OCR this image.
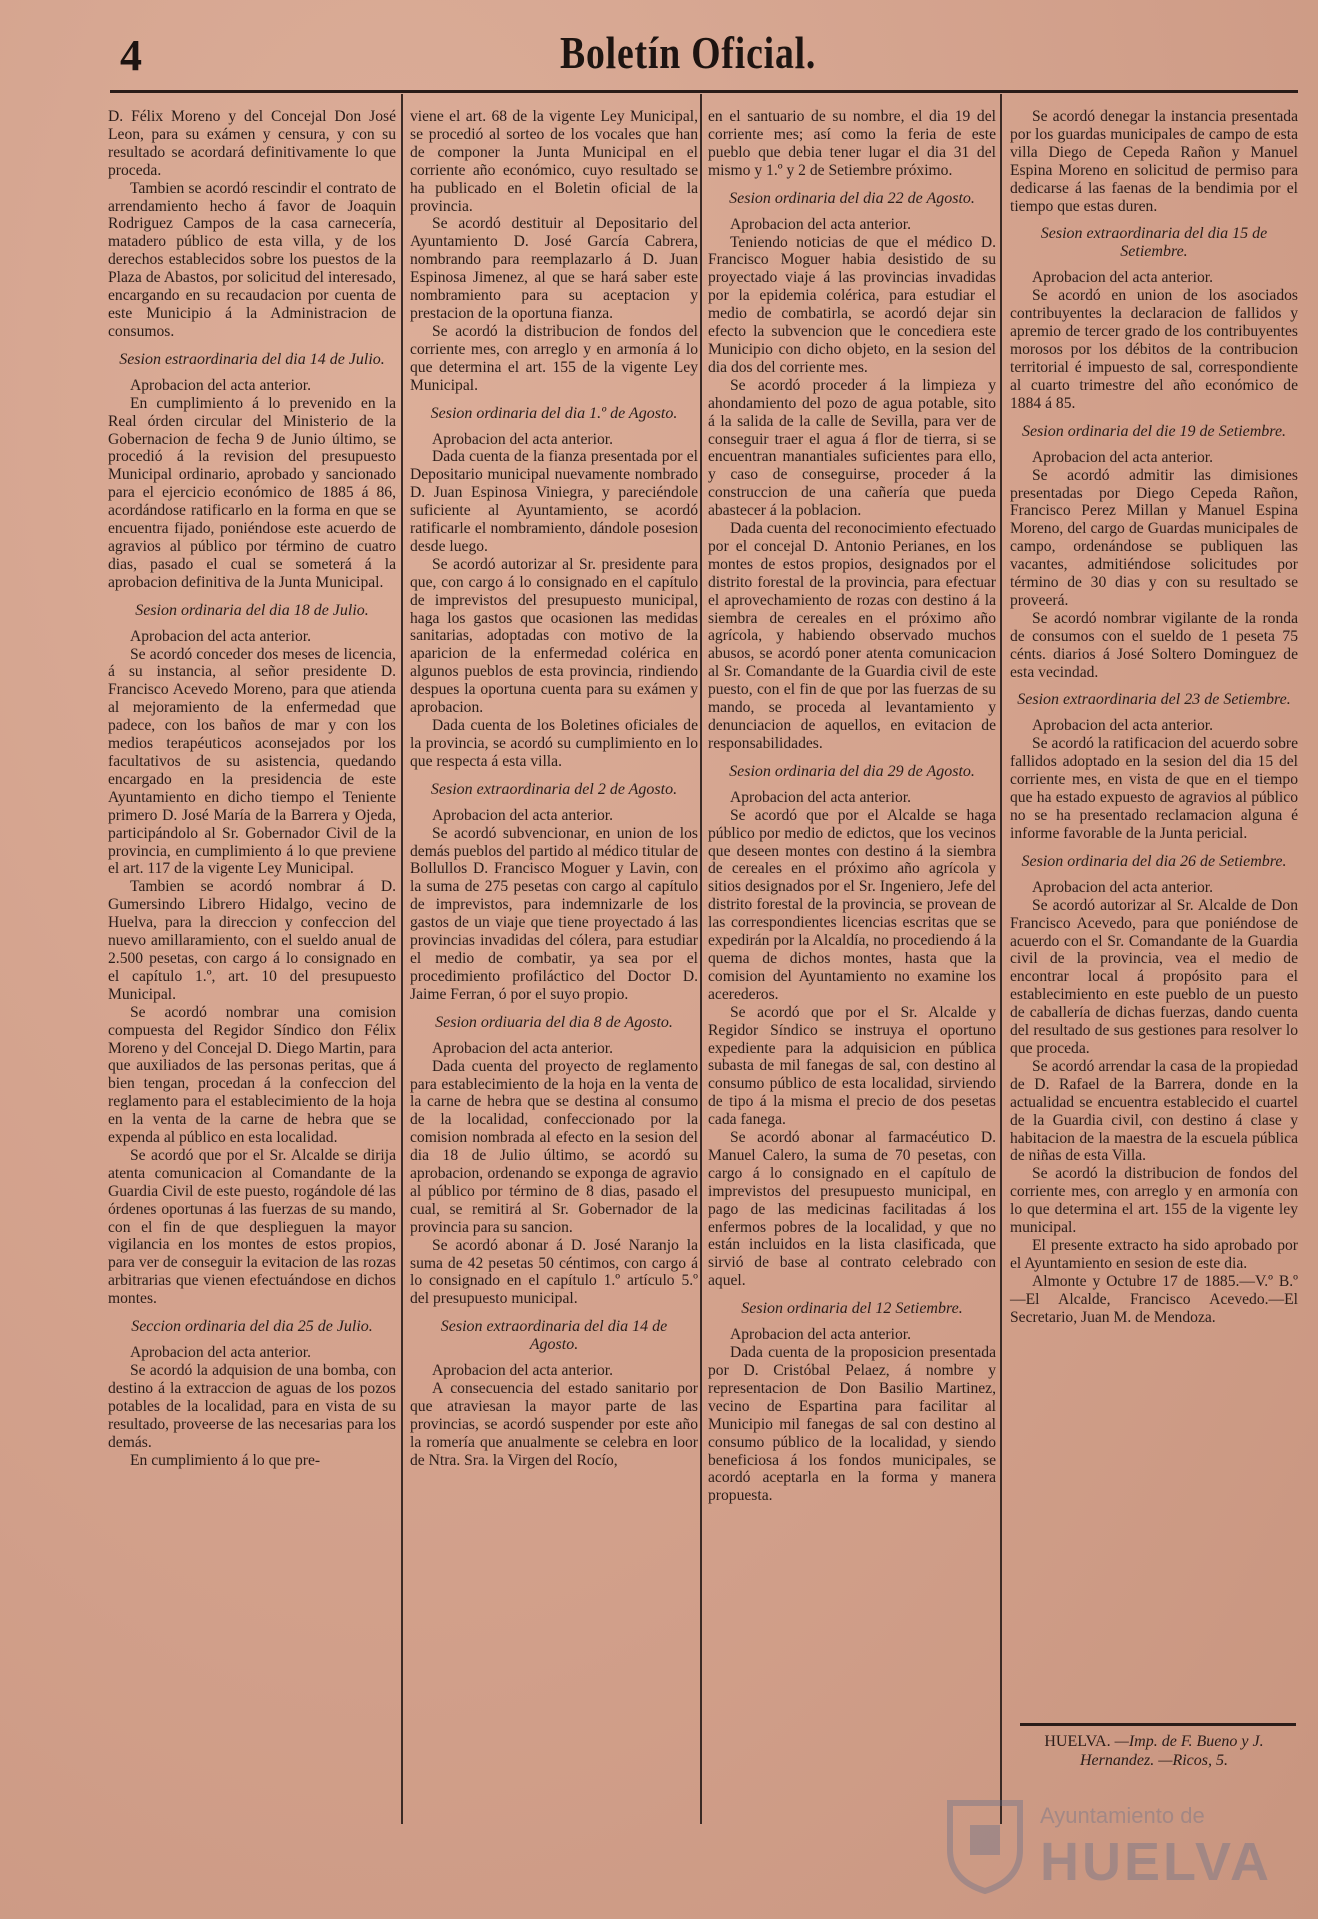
4	Boletín Oficial.

D. Félix Moreno y del Concejal Don José Leon, para su exámen y censura, y con su resultado se acordará definitivamente lo que proceda.

Tambien se acordó rescindir el contrato de arrendamiento hecho á favor de Joaquin Rodriguez Campos de la casa carnecería, matadero público de esta villa, y de los derechos establecidos sobre los puestos de la Plaza de Abastos, por solicitud del interesado, encargando en su recaudacion por cuenta de este Municipio á la Administracion de consumos.

Sesion estraordinaria del dia 14 de Julio.

Aprobacion del acta anterior.

En cumplimiento á lo prevenido en la Real órden circular del Ministerio de la Gobernacion de fecha 9 de Junio último, se procedió á la revision del presupuesto Municipal ordinario, aprobado y sancionado para el ejercicio económico de 1885 á 86, acordándose ratificarlo en la forma en que se encuentra fijado, poniéndose este acuerdo de agravios al público por término de cuatro dias, pasado el cual se someterá á la aprobacion definitiva de la Junta Municipal.

Sesion ordinaria del dia 18 de Julio.

Aprobacion del acta anterior.

Se acordó conceder dos meses de licencia, á su instancia, al señor presidente D. Francisco Acevedo Moreno, para que atienda al mejoramiento de la enfermedad que padece, con los baños de mar y con los medios terapéuticos aconsejados por los facultativos de su asistencia, quedando encargado en la presidencia de este Ayuntamiento en dicho tiempo el Teniente primero D. José María de la Barrera y Ojeda, participándolo al Sr. Gobernador Civil de la provincia, en cumplimiento á lo que previene el art. 117 de la vigente Ley Municipal.

Tambien se acordó nombrar á D. Gumersindo Librero Hidalgo, vecino de Huelva, para la direccion y confeccion del nuevo amillaramiento, con el sueldo anual de 2.500 pesetas, con cargo á lo consignado en el capítulo 1.º, art. 10 del presupuesto Municipal.

Se acordó nombrar una comision compuesta del Regidor Síndico don Félix Moreno y del Concejal D. Diego Martin, para que auxiliados de las personas peritas, que á bien tengan, procedan á la confeccion del reglamento para el establecimiento de la hoja en la venta de la carne de hebra que se expenda al público en esta localidad.

Se acordó que por el Sr. Alcalde se dirija atenta comunicacion al Comandante de la Guardia Civil de este puesto, rogándole dé las órdenes oportunas á las fuerzas de su mando, con el fin de que desplieguen la mayor vigilancia en los montes de estos propios, para ver de conseguir la evitacion de las rozas arbitrarias que vienen efectuándose en dichos montes.

Seccion ordinaria del dia 25 de Julio.

Aprobacion del acta anterior.

Se acordó la adquision de una bomba, con destino á la extraccion de aguas de los pozos potables de la localidad, para en vista de su resultado, proveerse de las necesarias para los demás.

En cumplimiento á lo que pre-

viene el art. 68 de la vigente Ley Municipal, se procedió al sorteo de los vocales que han de componer la Junta Municipal en el corriente año económico, cuyo resultado se ha publicado en el Boletin oficial de la provincia.

Se acordó destituir al Depositario del Ayuntamiento D. José García Cabrera, nombrando para reemplazarlo á D. Juan Espinosa Jimenez, al que se hará saber este nombramiento para su aceptacion y prestacion de la oportuna fianza.

Se acordó la distribucion de fondos del corriente mes, con arreglo y en armonía á lo que determina el art. 155 de la vigente Ley Municipal.

Sesion ordinaria del dia 1.º de Agosto.

Aprobacion del acta anterior.

Dada cuenta de la fianza presentada por el Depositario municipal nuevamente nombrado D. Juan Espinosa Viniegra, y pareciéndole suficiente al Ayuntamiento, se acordó ratificarle el nombramiento, dándole posesion desde luego.

Se acordó autorizar al Sr. presidente para que, con cargo á lo consignado en el capítulo de imprevistos del presupuesto municipal, haga los gastos que ocasionen las medidas sanitarias, adoptadas con motivo de la aparicion de la enfermedad colérica en algunos pueblos de esta provincia, rindiendo despues la oportuna cuenta para su exámen y aprobacion.

Dada cuenta de los Boletines oficiales de la provincia, se acordó su cumplimiento en lo que respecta á esta villa.

Sesion extraordinaria del 2 de Agosto.

Aprobacion del acta anterior.

Se acordó subvencionar, en union de los demás pueblos del partido al médico titular de Bollullos D. Francisco Moguer y Lavin, con la suma de 275 pesetas con cargo al capítulo de imprevistos, para indemnizarle de los gastos de un viaje que tiene proyectado á las provincias invadidas del cólera, para estudiar el medio de combatir, ya sea por el procedimiento profiláctico del Doctor D. Jaime Ferran, ó por el suyo propio.

Sesion ordiuaria del dia 8 de Agosto.

Aprobacion del acta anterior.

Dada cuenta del proyecto de reglamento para establecimiento de la hoja en la venta de la carne de hebra que se destina al consumo de la localidad, confeccionado por la comision nombrada al efecto en la sesion del dia 18 de Julio último, se acordó su aprobacion, ordenando se exponga de agravio al público por término de 8 dias, pasado el cual, se remitirá al Sr. Gobernador de la provincia para su sancion.

Se acordó abonar á D. José Naranjo la suma de 42 pesetas 50 céntimos, con cargo á lo consignado en el capítulo 1.º artículo 5.º del presupuesto municipal.

Sesion extraordinaria del dia 14 de Agosto.

Aprobacion del acta anterior.

A consecuencia del estado sanitario por que atraviesan la mayor parte de las provincias, se acordó suspender por este año la romería que anualmente se celebra en loor de Ntra. Sra. la Virgen del Rocío,

en el santuario de su nombre, el dia 19 del corriente mes; así como la feria de este pueblo que debia tener lugar el dia 31 del mismo y 1.º y 2 de Setiembre próximo.

Sesion ordinaria del dia 22 de Agosto.

Aprobacion del acta anterior.

Teniendo noticias de que el médico D. Francisco Moguer habia desistido de su proyectado viaje á las provincias invadidas por la epidemia colérica, para estudiar el medio de combatirla, se acordó dejar sin efecto la subvencion que le concediera este Municipio con dicho objeto, en la sesion del dia dos del corriente mes.

Se acordó proceder á la limpieza y ahondamiento del pozo de agua potable, sito á la salida de la calle de Sevilla, para ver de conseguir traer el agua á flor de tierra, si se encuentran manantiales suficientes para ello, y caso de conseguirse, proceder á la construccion de una cañería que pueda abastecer á la poblacion.

Dada cuenta del reconocimiento efectuado por el concejal D. Antonio Perianes, en los montes de estos propios, designados por el distrito forestal de la provincia, para efectuar el aprovechamiento de rozas con destino á la siembra de cereales en el próximo año agrícola, y habiendo observado muchos abusos, se acordó poner atenta comunicacion al Sr. Comandante de la Guardia civil de este puesto, con el fin de que por las fuerzas de su mando, se proceda al levantamiento y denunciacion de aquellos, en evitacion de responsabilidades.

Sesion ordinaria del dia 29 de Agosto.

Aprobacion del acta anterior.

Se acordó que por el Alcalde se haga público por medio de edictos, que los vecinos que deseen montes con destino á la siembra de cereales en el próximo año agrícola y sitios designados por el Sr. Ingeniero, Jefe del distrito forestal de la provincia, se provean de las correspondientes licencias escritas que se expedirán por la Alcaldía, no procediendo á la quema de dichos montes, hasta que la comision del Ayuntamiento no examine los acerederos.

Se acordó que por el Sr. Alcalde y Regidor Síndico se instruya el oportuno expediente para la adquisicion en pública subasta de mil fanegas de sal, con destino al consumo público de esta localidad, sirviendo de tipo á la misma el precio de dos pesetas cada fanega.

Se acordó abonar al farmacéutico D. Manuel Calero, la suma de 70 pesetas, con cargo á lo consignado en el capítulo de imprevistos del presupuesto municipal, en pago de las medicinas facilitadas á los enfermos pobres de la localidad, y que no están incluidos en la lista clasificada, que sirvió de base al contrato celebrado con aquel.

Sesion ordinaria del 12 Setiembre.

Aprobacion del acta anterior.

Dada cuenta de la proposicion presentada por D. Cristóbal Pelaez, á nombre y representacion de Don Basilio Martinez, vecino de Espartina para facilitar al Municipio mil fanegas de sal con destino al consumo público de la localidad, y siendo beneficiosa á los fondos municipales, se acordó aceptarla en la forma y manera propuesta.

Se acordó denegar la instancia presentada por los guardas municipales de campo de esta villa Diego de Cepeda Rañon y Manuel Espina Moreno en solicitud de permiso para dedicarse á las faenas de la bendimia por el tiempo que estas duren.

Sesion extraordinaria del dia 15 de Setiembre.

Aprobacion del acta anterior.

Se acordó en union de los asociados contribuyentes la declaracion de fallidos y apremio de tercer grado de los contribuyentes morosos por los débitos de la contribucion territorial é impuesto de sal, correspondiente al cuarto trimestre del año económico de 1884 á 85.

Sesion ordinaria del die 19 de Setiembre.

Aprobacion del acta anterior.

Se acordó admitir las dimisiones presentadas por Diego Cepeda Rañon, Francisco Perez Millan y Manuel Espina Moreno, del cargo de Guardas municipales de campo, ordenándose se publiquen las vacantes, admitiéndose solicitudes por término de 30 dias y con su resultado se proveerá.

Se acordó nombrar vigilante de la ronda de consumos con el sueldo de 1 peseta 75 cénts. diarios á José Soltero Dominguez de esta vecindad.

Sesion extraordinaria del 23 de Setiembre.

Aprobacion del acta anterior.

Se acordó la ratificacion del acuerdo sobre fallidos adoptado en la sesion del dia 15 del corriente mes, en vista de que en el tiempo que ha estado expuesto de agravios al público no se ha presentado reclamacion alguna é informe favorable de la Junta pericial.

Sesion ordinaria del dia 26 de Setiembre.

Aprobacion del acta anterior.

Se acordó autorizar al Sr. Alcalde de Don Francisco Acevedo, para que poniéndose de acuerdo con el Sr. Comandante de la Guardia civil de la provincia, vea el medio de encontrar local á propósito para el establecimiento en este pueblo de un puesto de caballería de dichas fuerzas, dando cuenta del resultado de sus gestiones para resolver lo que proceda.

Se acordó arrendar la casa de la propiedad de D. Rafael de la Barrera, donde en la actualidad se encuentra establecido el cuartel de la Guardia civil, con destino á clase y habitacion de la maestra de la escuela pública de niñas de esta Villa.

Se acordó la distribucion de fondos del corriente mes, con arreglo y en armonía con lo que determina el art. 155 de la vigente ley municipal.

El presente extracto ha sido aprobado por el Ayuntamiento en sesion de este dia.

Almonte y Octubre 17 de 1885.—V.º B.º—El Alcalde, Francisco Acevedo.—El Secretario, Juan M. de Mendoza.

HUELVA. —Imp. de F. Bueno y J. Hernandez. —Ricos, 5.
Ayuntamiento de
HUELVA
